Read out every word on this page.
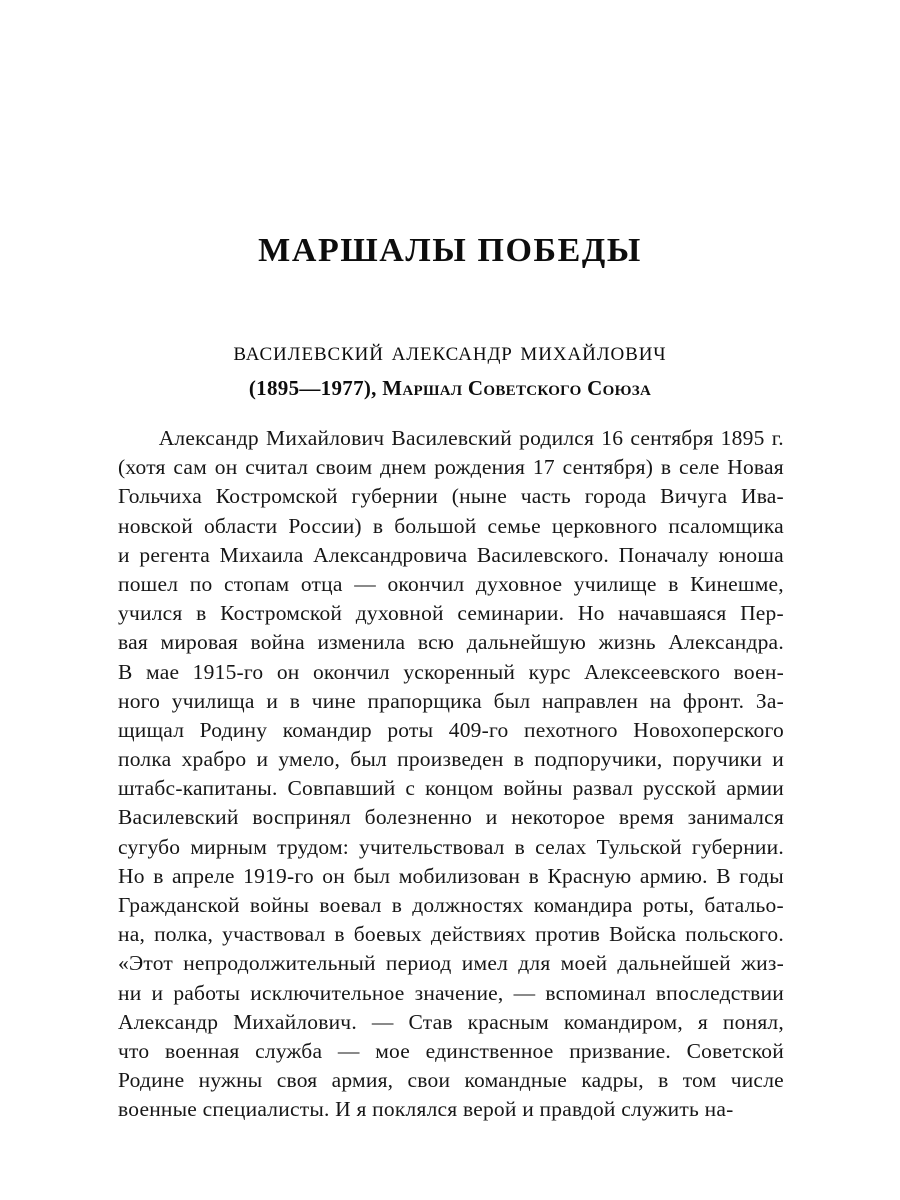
МАРШАЛЫ ПОБЕДЫ
василевский александр михайлович
(1895—1977), Маршал Советского Союза

Александр Михайлович Василевский родился 16 сентября 1895 г.
(хотя сам он считал своим днем рождения 17 сентября) в селе Новая
Гольчиха Костромской губернии (ныне часть города Вичуга Ива-
новской области России) в большой семье церковного псаломщика
и регента Михаила Александровича Василевского. Поначалу юноша
пошел по стопам отца — окончил духовное училище в Кинешме,
учился в Костромской духовной семинарии. Но начавшаяся Пер-
вая мировая война изменила всю дальнейшую жизнь Александра.
В мае 1915-го он окончил ускоренный курс Алексеевского воен-
ного училища и в чине прапорщика был направлен на фронт. За-
щищал Родину командир роты 409-го пехотного Новохоперского
полка храбро и умело, был произведен в подпоручики, поручики и
штабс-капитаны. Совпавший с концом войны развал русской армии
Василевский воспринял болезненно и некоторое время занимался
сугубо мирным трудом: учительствовал в селах Тульской губернии.
Но в апреле 1919-го он был мобилизован в Красную армию. В годы
Гражданской войны воевал в должностях командира роты, батальо-
на, полка, участвовал в боевых действиях против Войска польского.
«Этот непродолжительный период имел для моей дальнейшей жиз-
ни и работы исключительное значение, — вспоминал впоследствии
Александр Михайлович. — Став красным командиром, я понял,
что военная служба — мое единственное призвание. Советской
Родине нужны своя армия, свои командные кадры, в том числе
военные специалисты. И я поклялся верой и правдой служить на-
